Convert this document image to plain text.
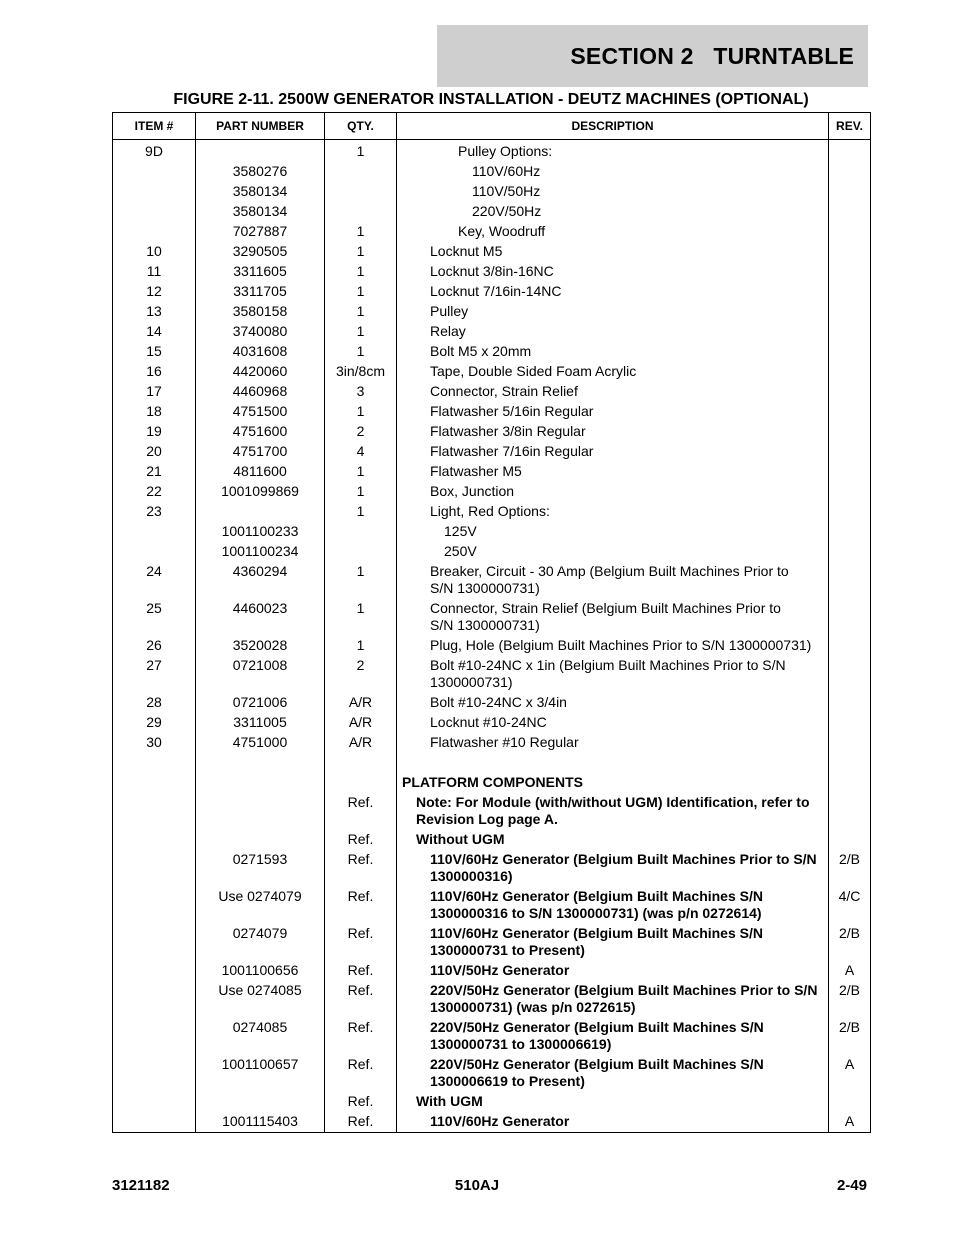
SECTION 2   TURNTABLE
FIGURE 2-11. 2500W GENERATOR INSTALLATION - DEUTZ MACHINES (OPTIONAL)
ITEM #	PART NUMBER	QTY.	DESCRIPTION	REV.
9D		1	Pulley Options:	

	3580276		110V/60Hz	

	3580134		110V/50Hz	

	3580134		220V/50Hz	

	7027887	1	Key, Woodruff	

10	3290505	1	Locknut M5	

11	3311605	1	Locknut 3/8in-16NC	

12	3311705	1	Locknut 7/16in-14NC	

13	3580158	1	Pulley	

14	3740080	1	Relay	

15	4031608	1	Bolt M5 x 20mm	

16	4420060	3in/8cm	Tape, Double Sided Foam Acrylic	

17	4460968	3	Connector, Strain Relief	

18	4751500	1	Flatwasher 5/16in Regular	

19	4751600	2	Flatwasher 3/8in Regular	

20	4751700	4	Flatwasher 7/16in Regular	

21	4811600	1	Flatwasher M5	

22	1001099869	1	Box, Junction	

23		1	Light, Red Options:	

	1001100233		125V	

	1001100234		250V	

24	4360294	1	Breaker, Circuit - 30 Amp (Belgium Built Machines Prior to
S/N 1300000731)	

25	4460023	1	Connector, Strain Relief (Belgium Built Machines Prior to
S/N 1300000731)	

26	3520028	1	Plug, Hole (Belgium Built Machines Prior to S/N 1300000731)	

27	0721008	2	Bolt #10-24NC x 1in (Belgium Built Machines Prior to S/N
1300000731)	

28	0721006	A/R	Bolt #10-24NC x 3/4in	

29	3311005	A/R	Locknut #10-24NC	

30	4751000	A/R	Flatwasher #10 Regular	

			PLATFORM COMPONENTS	

		Ref.	Note: For Module (with/without UGM) Identification, refer to
Revision Log page A.	

		Ref.	Without UGM	

	0271593	Ref.	110V/60Hz Generator (Belgium Built Machines Prior to S/N
1300000316)	2/B
	Use 0274079	Ref.	110V/60Hz Generator (Belgium Built Machines S/N
1300000316 to S/N 1300000731) (was p/n 0272614)	4/C
	0274079	Ref.	110V/60Hz Generator (Belgium Built Machines S/N
1300000731 to Present)	2/B
	1001100656	Ref.	110V/50Hz Generator	A
	Use 0274085	Ref.	220V/50Hz Generator (Belgium Built Machines Prior to S/N
1300000731) (was p/n 0272615)	2/B
	0274085	Ref.	220V/50Hz Generator (Belgium Built Machines S/N
1300000731 to 1300006619)	2/B
	1001100657	Ref.	220V/50Hz Generator (Belgium Built Machines S/N
1300006619 to Present)	A
		Ref.	With UGM	

	1001115403	Ref.	110V/60Hz Generator	A
3121182	510AJ	2-49
